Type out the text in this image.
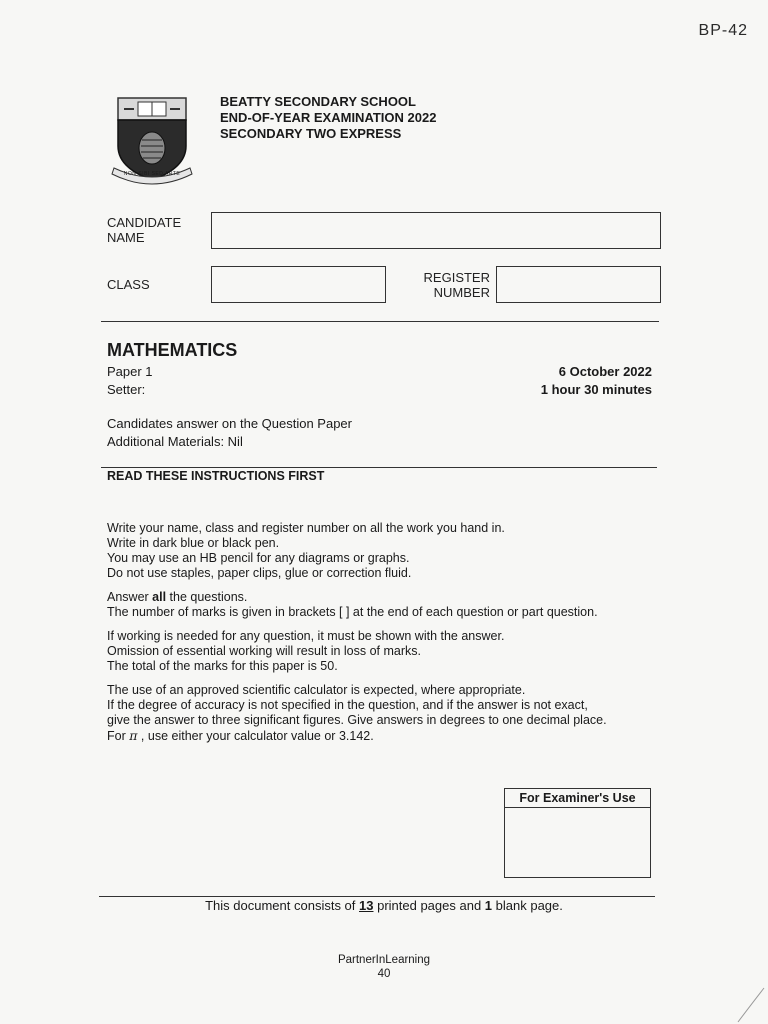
BP-42
NON SIBI SED ARTE
BEATTY SECONDARY SCHOOL
END-OF-YEAR EXAMINATION 2022
SECONDARY TWO EXPRESS
CANDIDATE
NAME
CLASS	REGISTER
NUMBER
MATHEMATICS
Paper 1
Setter:
6 October 2022
1 hour 30 minutes
Candidates answer on the Question Paper
Additional Materials: Nil
READ THESE INSTRUCTIONS FIRST

Write your name, class and register number on all the work you hand in.
Write in dark blue or black pen.
You may use an HB pencil for any diagrams or graphs.
Do not use staples, paper clips, glue or correction fluid.

Answer all the questions.
The number of marks is given in brackets [ ] at the end of each question or part question.

If working is needed for any question, it must be shown with the answer.
Omission of essential working will result in loss of marks.
The total of the marks for this paper is 50.

The use of an approved scientific calculator is expected, where appropriate.
If the degree of accuracy is not specified in the question, and if the answer is not exact,
give the answer to three significant figures. Give answers in degrees to one decimal place.
For π , use either your calculator value or 3.142.

For Examiner's Use
This document consists of 13 printed pages and 1 blank page.
PartnerInLearning
40
